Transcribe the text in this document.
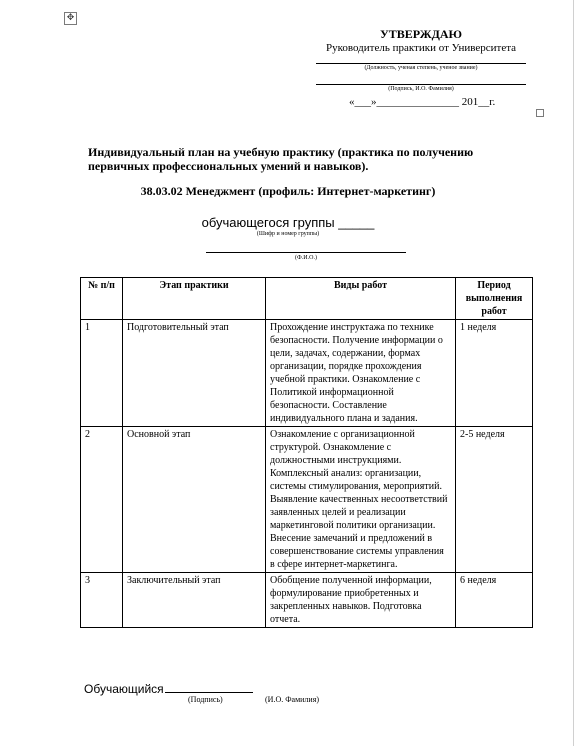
✥
УТВЕРЖДАЮ
Руководитель практики от Университета
(Должность, ученая степень, ученое звание)
(Подпись, И.О. Фамилия)
«___»_______________ 201__г.
Индивидуальный план на учебную практику (практика по получению первичных профессиональных умений и навыков).
38.03.02 Менеджмент (профиль: Интернет-маркетинг)
обучающегося группы _____
(Шифр и номер группы)
(Ф.И.О.)
№ п/п	Этап практики	Виды работ	Период выполнения работ
1	Подготовительный этап	Прохождение инструктажа по технике безопасности. Получение информации о цели, задачах, содержании, формах организации, порядке прохождения учебной практики. Ознакомление с Политикой информационной безопасности. Составление индивидуального плана и задания.	1 неделя
2	Основной этап	Ознакомление с организационной структурой. Ознакомление с должностными инструкциями. Комплексный анализ: организации, системы стимулирования, мероприятий. Выявление качественных несоответствий заявленных целей и реализации маркетинговой политики организации. Внесение замечаний и предложений в совершенствование системы управления в сфере интернет-маркетинга.	2-5 неделя
3	Заключительный этап	Обобщение полученной информации, формулирование приобретенных и закрепленных навыков. Подготовка отчета.	6 неделя
Обучающийся
(Подпись)	(И.О. Фамилия)
